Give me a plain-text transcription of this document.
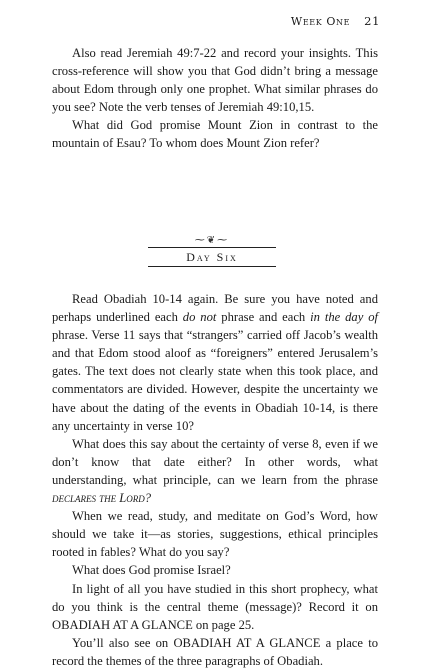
Week One 21

Also read Jeremiah 49:7-22 and record your insights. This cross-reference will show you that God didn’t bring a message about Edom through only one prophet. What similar phrases do you see? Note the verb tenses of Jeremiah 49:10,15.

What did God promise Mount Zion in contrast to the mountain of Esau? To whom does Mount Zion refer?

⁓❦⁓
Day Six

Read Obadiah 10-14 again. Be sure you have noted and perhaps underlined each do not phrase and each in the day of phrase. Verse 11 says that “strangers” carried off Jacob’s wealth and that Edom stood aloof as “foreigners” entered Jerusalem’s gates. The text does not clearly state when this took place, and commentators are divided. However, despite the uncertainty we have about the dating of the events in Obadiah 10-14, is there any uncertainty in verse 10?

What does this say about the certainty of verse 8, even if we don’t know that date either? In other words, what understanding, what principle, can we learn from the phrase declares the Lord?

When we read, study, and meditate on God’s Word, how should we take it—as stories, suggestions, ethical principles rooted in fables? What do you say?

What does God promise Israel?

In light of all you have studied in this short prophecy, what do you think is the central theme (message)? Record it on OBADIAH AT A GLANCE on page 25.

You’ll also see on OBADIAH AT A GLANCE a place to record the themes of the three paragraphs of Obadiah.
